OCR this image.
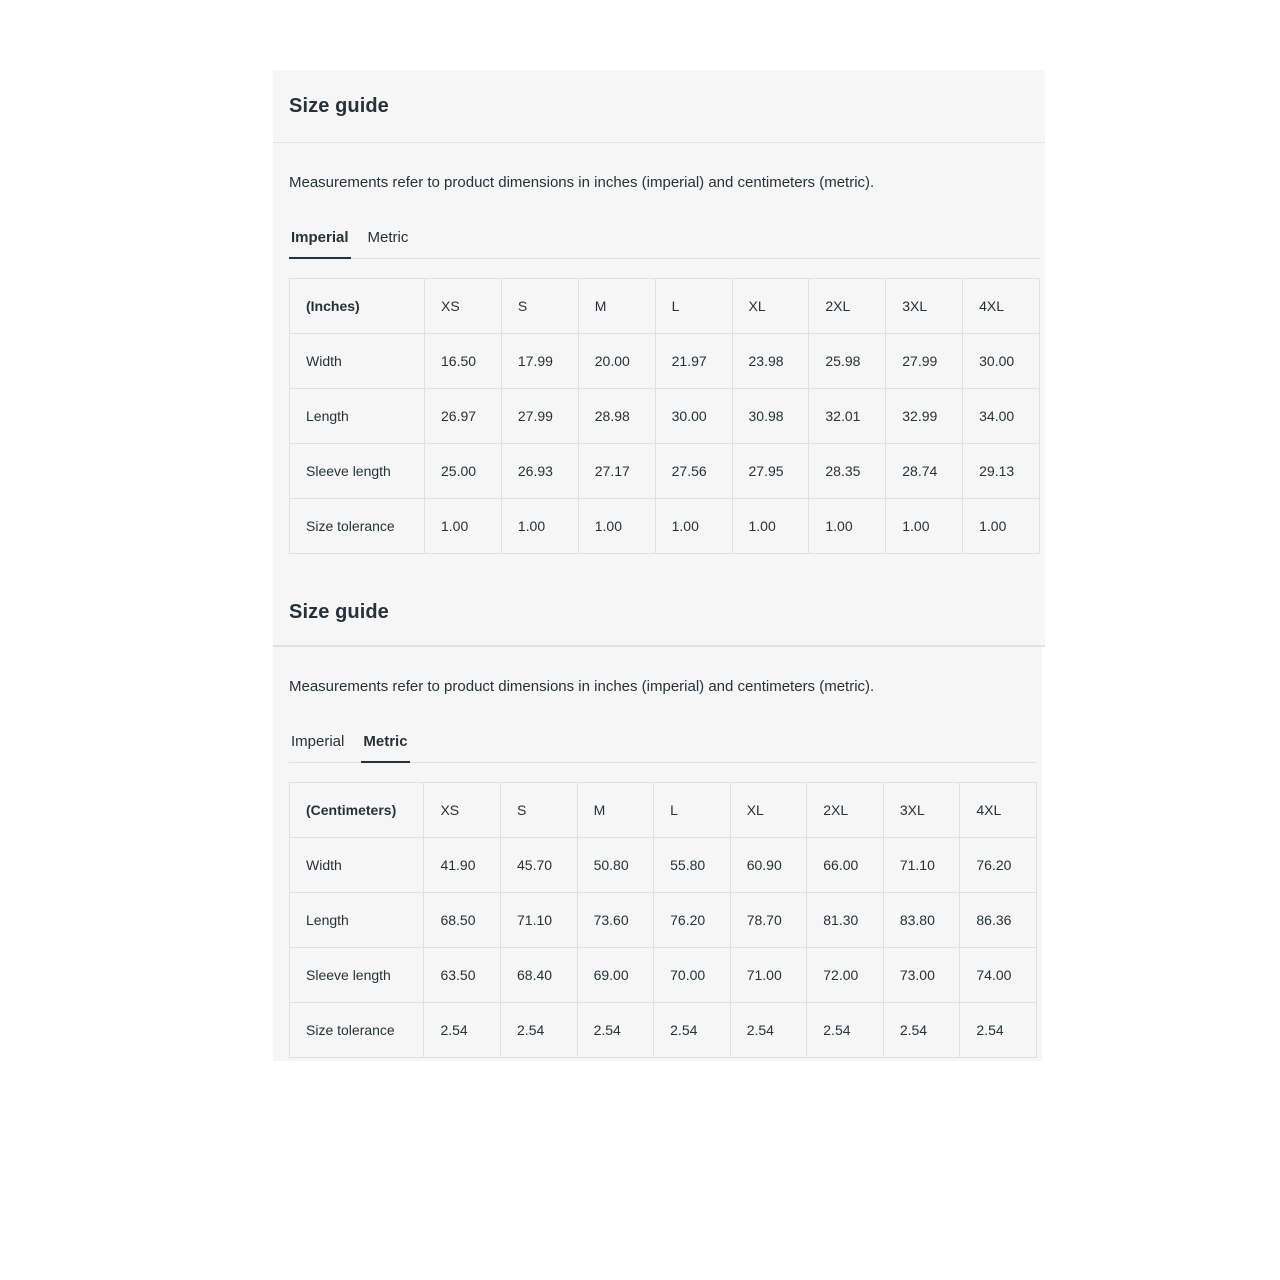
Size guide
Measurements refer to product dimensions in inches (imperial) and centimeters (metric).
Imperial Metric
(Inches)	XS	S	M	L	XL	2XL	3XL	4XL
Width	16.50	17.99	20.00	21.97	23.98	25.98	27.99	30.00
Length	26.97	27.99	28.98	30.00	30.98	32.01	32.99	34.00
Sleeve length	25.00	26.93	27.17	27.56	27.95	28.35	28.74	29.13
Size tolerance	1.00	1.00	1.00	1.00	1.00	1.00	1.00	1.00
Size guide
Measurements refer to product dimensions in inches (imperial) and centimeters (metric).
Imperial Metric
(Centimeters)	XS	S	M	L	XL	2XL	3XL	4XL
Width	41.90	45.70	50.80	55.80	60.90	66.00	71.10	76.20
Length	68.50	71.10	73.60	76.20	78.70	81.30	83.80	86.36
Sleeve length	63.50	68.40	69.00	70.00	71.00	72.00	73.00	74.00
Size tolerance	2.54	2.54	2.54	2.54	2.54	2.54	2.54	2.54
